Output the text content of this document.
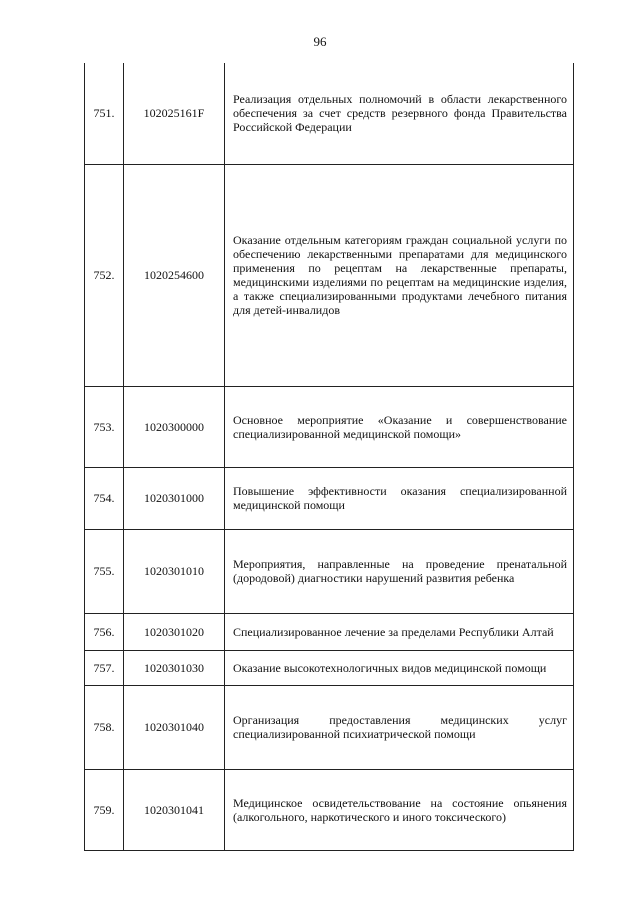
96
751.	102025161F	Реализация отдельных полномочий в области лекарственного обеспечения за счет средств резервного фонда Правительства Российской Федерации
752.	1020254600	Оказание отдельным категориям граждан социальной услуги по обеспечению лекарственными препаратами для медицинского применения по рецептам на лекарственные препараты, медицинскими изделиями по рецептам на медицинские изделия, а также специализированными продуктами лечебного питания для детей-инвалидов
753.	1020300000	Основное мероприятие «Оказание и совершенствование специализированной медицинской помощи»
754.	1020301000	Повышение эффективности оказания специализированной медицинской помощи
755.	1020301010	Мероприятия, направленные на проведение пренатальной (дородовой) диагностики нарушений развития ребенка
756.	1020301020	Специализированное лечение за пределами Республики Алтай
757.	1020301030	Оказание высокотехнологичных видов медицинской помощи
758.	1020301040	Организация предоставления медицинских услуг специализированной психиатрической помощи
759.	1020301041	Медицинское освидетельствование на состояние опьянения (алкогольного, наркотического и иного токсического)
